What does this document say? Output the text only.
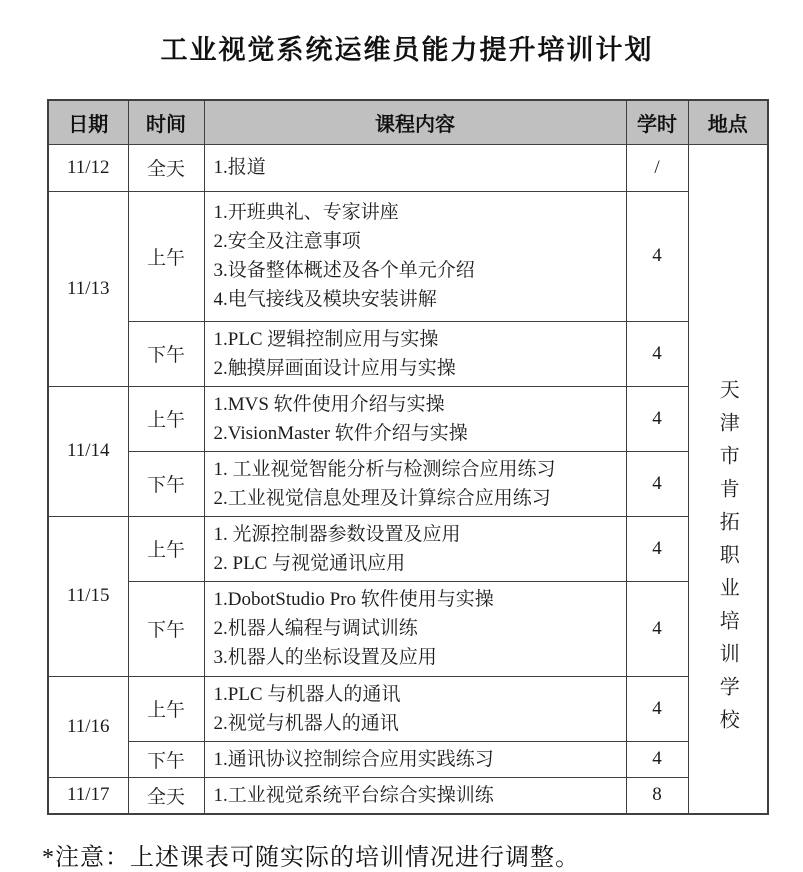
工业视觉系统运维员能力提升培训计划
日期	时间	课程内容	学时	地点
11/12	全天	1.报道	/	天津市肯拓职业培训学校
11/13	上午	1.开班典礼、专家讲座
2.安全及注意事项
3.设备整体概述及各个单元介绍
4.电气接线及模块安装讲解	4	
	下午	1.PLC 逻辑控制应用与实操
2.触摸屏画面设计应用与实操	4	
11/14	上午	1.MVS 软件使用介绍与实操
2.VisionMaster 软件介绍与实操	4	
	下午	1. 工业视觉智能分析与检测综合应用练习
2.工业视觉信息处理及计算综合应用练习	4	
11/15	上午	1. 光源控制器参数设置及应用
2. PLC 与视觉通讯应用	4	
	下午	1.DobotStudio Pro 软件使用与实操
2.机器人编程与调试训练
3.机器人的坐标设置及应用	4	
11/16	上午	1.PLC 与机器人的通讯
2.视觉与机器人的通讯	4	
	下午	1.通讯协议控制综合应用实践练习	4	
11/17	全天	1.工业视觉系统平台综合实操训练	8	
*注意：上述课表可随实际的培训情况进行调整。
